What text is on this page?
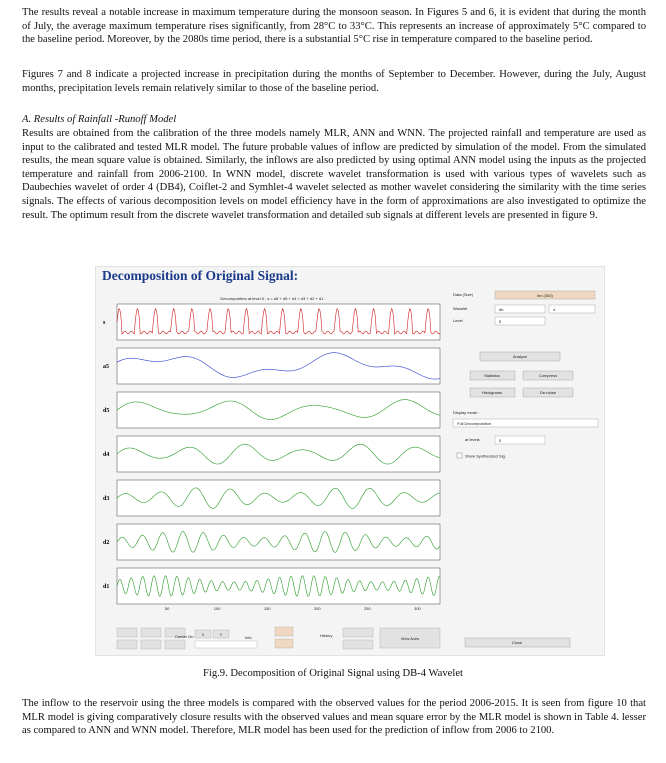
The results reveal a notable increase in maximum temperature during the monsoon season. In Figures 5 and 6, it is evident that during the month of July, the average maximum temperature rises significantly, from 28°C to 33°C. This represents an increase of approximately 5°C compared to the baseline period. Moreover, by the 2080s time period, there is a substantial 5°C rise in temperature compared to the baseline period.

Figures 7 and 8 indicate a projected increase in precipitation during the months of September to December. However, during the July, August months, precipitation levels remain relatively similar to those of the baseline period.

A. Results of Rainfall -Runoff Model

Results are obtained from the calibration of the three models namely MLR, ANN and WNN. The projected rainfall and temperature are used as input to the calibrated and tested MLR model. The future probable values of inflow are predicted by simulation of the model. From the simulated results, the mean square value is obtained. Similarly, the inflows are also predicted by using optimal ANN model using the inputs as the projected temperature and rainfall from 2006-2100. In WNN model, discrete wavelet transformation is used with various types of wavelets such as Daubechies wavelet of order 4 (DB4), Coiflet-2 and Symhlet-4 wavelet selected as mother wavelet considering the similarity with the time series signals. The effects of various decomposition levels on model efficiency have in the form of approximations are also investigated to optimize the result. The optimum result from the discrete wavelet transformation and detailed sub signals at different levels are presented in figure 9.

s
a5
d5
d4
d3
d2
d1
Decomposition at level 5 : s = a5 + d5 + d4 + d3 + d2 + d1 .
50	100	150	200	250	300
Data (Size)	inn (300)
Wavelet	db	4
Level	5
Analyze
Statistics	Compress
Histograms	De-noise
Display mode :
Full Decomposition
at levels	5
Show Synthesized Sig.
Close
Center On X	Y
Info	History
View Axes

Decomposition of Original Signal:

Fig.9. Decomposition of Original Signal using DB-4 Wavelet

The inflow to the reservoir using the three models is compared with the observed values for the period 2006-2015. It is seen from figure 10 that MLR model is giving comparatively closure results with the observed values and mean square error by the MLR model is shown in Table 4. lesser as compared to ANN and WNN model. Therefore, MLR model has been used for the prediction of inflow from 2006 to 2100.
